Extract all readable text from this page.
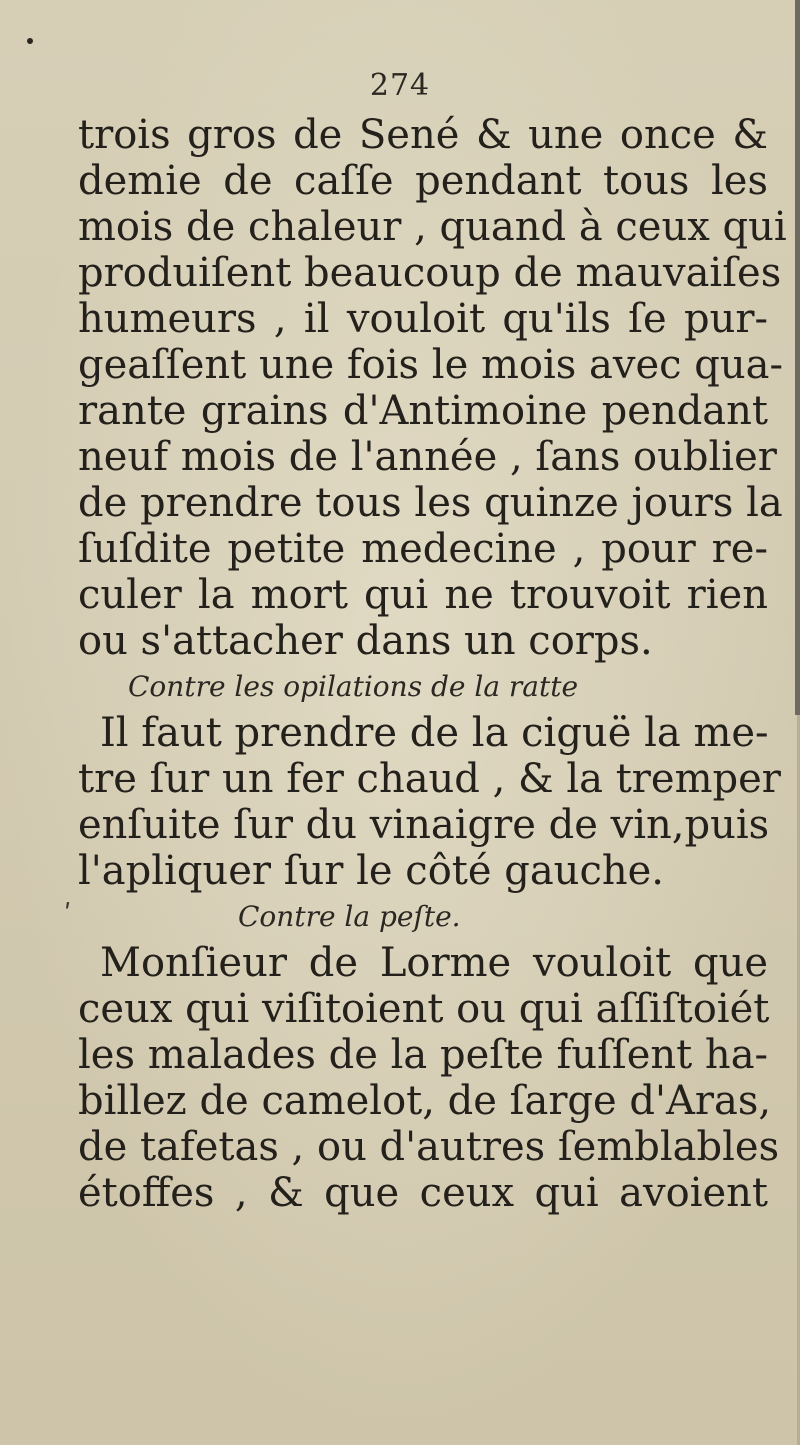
ʹ
274
trois gros de Sené & une once &
demie de caſſe pendant tous les
mois de chaleur , quand à ceux qui
produiſent beaucoup de mauvaiſes
humeurs , il vouloit qu'ils ſe pur-
geaſſent une fois le mois avec qua-
rante grains d'Antimoine pendant
neuf mois de l'année , ſans oublier
de prendre tous les quinze jours la
ſuſdite petite medecine , pour re-
culer la mort qui ne trouvoit rien
ou s'attacher dans un corps.
Contre les opilations de la ratte
Il faut prendre de la ciguë la me-
tre ſur un fer chaud , & la tremper
enſuite ſur du vinaigre de vin,puis
l'apliquer ſur le côté gauche.
Contre la peſte.
Monſieur de Lorme vouloit que
ceux qui viſitoient ou qui aſſiſtoiét
les malades de la peſte fuſſent ha-
billez de camelot, de ſarge d'Aras,
de tafetas , ou d'autres ſemblables
étoffes , & que ceux qui avoient
